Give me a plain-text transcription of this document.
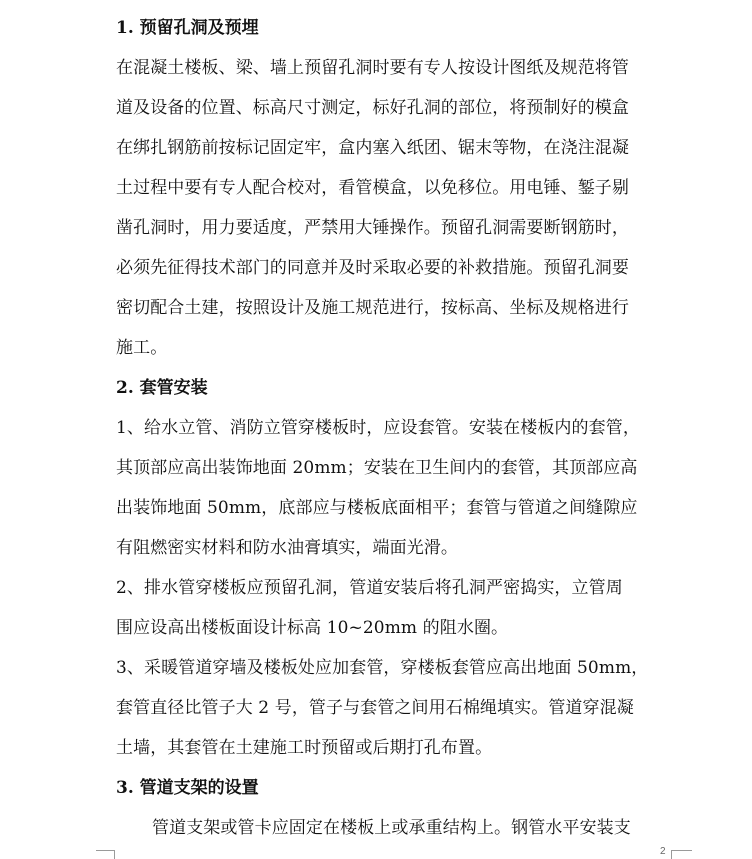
1. 预留孔洞及预埋
在混凝土楼板、梁、墙上预留孔洞时要有专人按设计图纸及规范将管
道及设备的位置、标高尺寸测定，标好孔洞的部位，将预制好的模盒
在绑扎钢筋前按标记固定牢，盒内塞入纸团、锯末等物，在浇注混凝
土过程中要有专人配合校对，看管模盒，以免移位。用电锤、錾子剔
凿孔洞时，用力要适度，严禁用大锤操作。预留孔洞需要断钢筋时，
必须先征得技术部门的同意并及时采取必要的补救措施。预留孔洞要
密切配合土建，按照设计及施工规范进行，按标高、坐标及规格进行
施工。
2. 套管安装
1、给水立管、消防立管穿楼板时，应设套管。安装在楼板内的套管，
其顶部应高出装饰地面 20mm；安装在卫生间内的套管，其顶部应高
出装饰地面 50mm，底部应与楼板底面相平；套管与管道之间缝隙应
有阻燃密实材料和防水油膏填实，端面光滑。
2、排水管穿楼板应预留孔洞，管道安装后将孔洞严密捣实，立管周
围应设高出楼板面设计标高 10~20mm 的阻水圈。
3、采暖管道穿墙及楼板处应加套管，穿楼板套管应高出地面 50mm，
套管直径比管子大 2 号，管子与套管之间用石棉绳填实。管道穿混凝
土墙，其套管在土建施工时预留或后期打孔布置。
3. 管道支架的设置
管道支架或管卡应固定在楼板上或承重结构上。钢管水平安装支
2
